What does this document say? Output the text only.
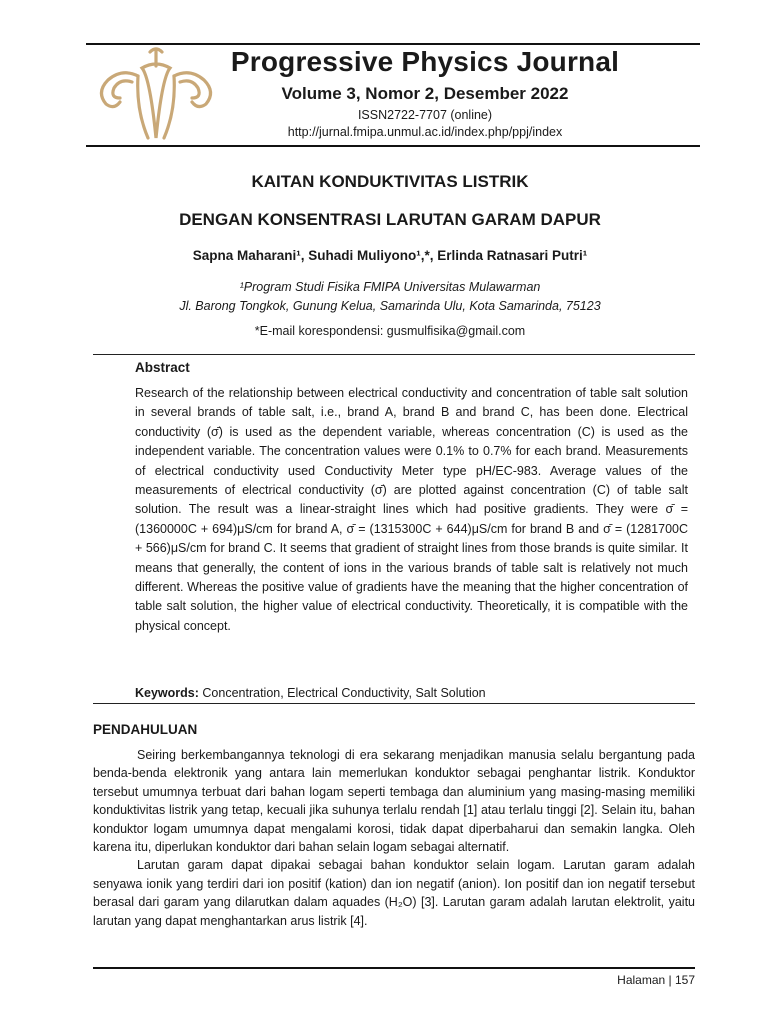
Progressive Physics Journal
Volume 3, Nomor 2, Desember 2022
ISSN2722-7707 (online)
http://jurnal.fmipa.unmul.ac.id/index.php/ppj/index
KAITAN KONDUKTIVITAS LISTRIK
DENGAN KONSENTRASI LARUTAN GARAM DAPUR
Sapna Maharani¹, Suhadi Muliyono¹,*, Erlinda Ratnasari Putri¹
¹Program Studi Fisika FMIPA Universitas Mulawarman
Jl. Barong Tongkok, Gunung Kelua, Samarinda Ulu, Kota Samarinda, 75123
*E-mail korespondensi: gusmulfisika@gmail.com
Abstract
Research of the relationship between electrical conductivity and concentration of table salt solution in several brands of table salt, i.e., brand A, brand B and brand C, has been done. Electrical conductivity (σ̄) is used as the dependent variable, whereas concentration (C) is used as the independent variable. The concentration values were 0.1% to 0.7% for each brand. Measurements of electrical conductivity used Conductivity Meter type pH/EC-983. Average values of the measurements of electrical conductivity (σ̄) are plotted against concentration (C) of table salt solution. The result was a linear-straight lines which had positive gradients. They were σ̄ = (1360000C + 694)μS/cm for brand A, σ̄ = (1315300C + 644)μS/cm for brand B and σ̄ = (1281700C + 566)μS/cm for brand C. It seems that gradient of straight lines from those brands is quite similar. It means that generally, the content of ions in the various brands of table salt is relatively not much different. Whereas the positive value of gradients have the meaning that the higher concentration of table salt solution, the higher value of electrical conductivity. Theoretically, it is compatible with the physical concept.
Keywords: Concentration, Electrical Conductivity, Salt Solution
PENDAHULUAN

Seiring berkembangannya teknologi di era sekarang menjadikan manusia selalu bergantung pada benda-benda elektronik yang antara lain memerlukan konduktor sebagai penghantar listrik. Konduktor tersebut umumnya terbuat dari bahan logam seperti tembaga dan aluminium yang masing-masing memiliki konduktivitas listrik yang tetap, kecuali jika suhunya terlalu rendah [1] atau terlalu tinggi [2]. Selain itu, bahan konduktor logam umumnya dapat mengalami korosi, tidak dapat diperbaharui dan semakin langka. Oleh karena itu, diperlukan konduktor dari bahan selain logam sebagai alternatif.

Larutan garam dapat dipakai sebagai bahan konduktor selain logam. Larutan garam adalah senyawa ionik yang terdiri dari ion positif (kation) dan ion negatif (anion). Ion positif dan ion negatif tersebut berasal dari garam yang dilarutkan dalam aquades (H₂O) [3]. Larutan garam adalah larutan elektrolit, yaitu larutan yang dapat menghantarkan arus listrik [4].

Halaman | 157
